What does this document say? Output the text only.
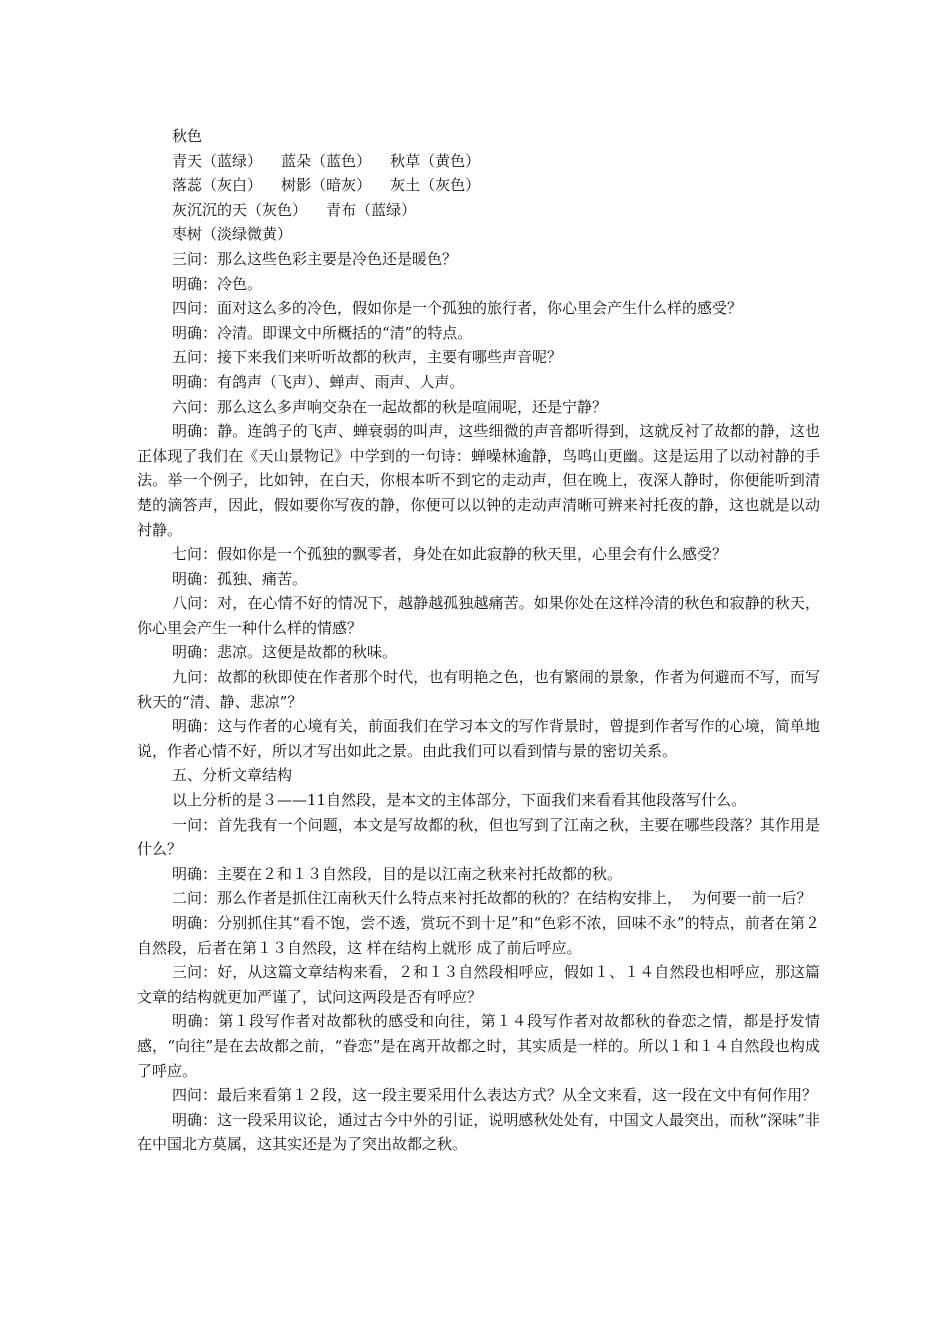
秋色

青天（蓝绿）    蓝朵（蓝色）    秋草（黄色）

落蕊（灰白）    树影（暗灰）    灰土（灰色）

灰沉沉的天（灰色）    青布（蓝绿）

枣树（淡绿微黄）

三问：那么这些色彩主要是冷色还是暖色？

明确：冷色。

四问：面对这么多的冷色，假如你是一个孤独的旅行者，你心里会产生什么样的感受？

明确：冷清。即课文中所概括的“清”的特点。

五问：接下来我们来听听故都的秋声，主要有哪些声音呢？

明确：有鸽声（飞声）、蝉声、雨声、人声。

六问：那么这么多声响交杂在一起故都的秋是喧闹呢，还是宁静？

明确：静。连鸽子的飞声、蝉衰弱的叫声，这些细微的声音都听得到，这就反衬了故都的静，这也正体现了我们在《天山景物记》中学到的一句诗：蝉噪林逾静，鸟鸣山更幽。这是运用了以动衬静的手法。举一个例子，比如钟，在白天，你根本听不到它的走动声，但在晚上，夜深人静时，你便能听到清楚的滴答声，因此，假如要你写夜的静，你便可以以钟的走动声清晰可辨来衬托夜的静，这也就是以动衬静。

七问：假如你是一个孤独的飘零者，身处在如此寂静的秋天里，心里会有什么感受？

明确：孤独、痛苦。

八问：对，在心情不好的情况下，越静越孤独越痛苦。如果你处在这样冷清的秋色和寂静的秋天，你心里会产生一种什么样的情感？

明确：悲凉。这便是故都的秋味。

九问：故都的秋即使在作者那个时代，也有明艳之色，也有繁闹的景象，作者为何避而不写，而写秋天的“清、静、悲凉”？

明确：这与作者的心境有关，前面我们在学习本文的写作背景时，曾提到作者写作的心境，简单地说，作者心情不好，所以才写出如此之景。由此我们可以看到情与景的密切关系。

五、分析文章结构

以上分析的是３——11自然段，是本文的主体部分，下面我们来看看其他段落写什么。

一问：首先我有一个问题，本文是写故都的秋，但也写到了江南之秋，主要在哪些段落？其作用是什么？

明确：主要在２和１３自然段，目的是以江南之秋来衬托故都的秋。

二问：那么作者是抓住江南秋天什么特点来衬托故都的秋的？在结构安排上，  为何要一前一后？

明确：分别抓住其“看不饱，尝不透，赏玩不到十足”和“色彩不浓，回味不永”的特点，前者在第２自然段，后者在第１３自然段，这 样在结构上就形 成了前后呼应。

三问：好，从这篇文章结构来看，２和１３自然段相呼应，假如１、１４自然段也相呼应，那这篇文章的结构就更加严谨了，试问这两段是否有呼应？

明确：第１段写作者对故都秋的感受和向往，第１４段写作者对故都秋的眷恋之情，都是抒发情感，“向往”是在去故都之前，“眷恋”是在离开故都之时，其实质是一样的。所以１和１４自然段也构成了呼应。

四问：最后来看第１２段，这一段主要采用什么表达方式？从全文来看，这一段在文中有何作用？

明确：这一段采用议论，通过古今中外的引证，说明感秋处处有，中国文人最突出，而秋“深味”非在中国北方莫属，这其实还是为了突出故都之秋。
